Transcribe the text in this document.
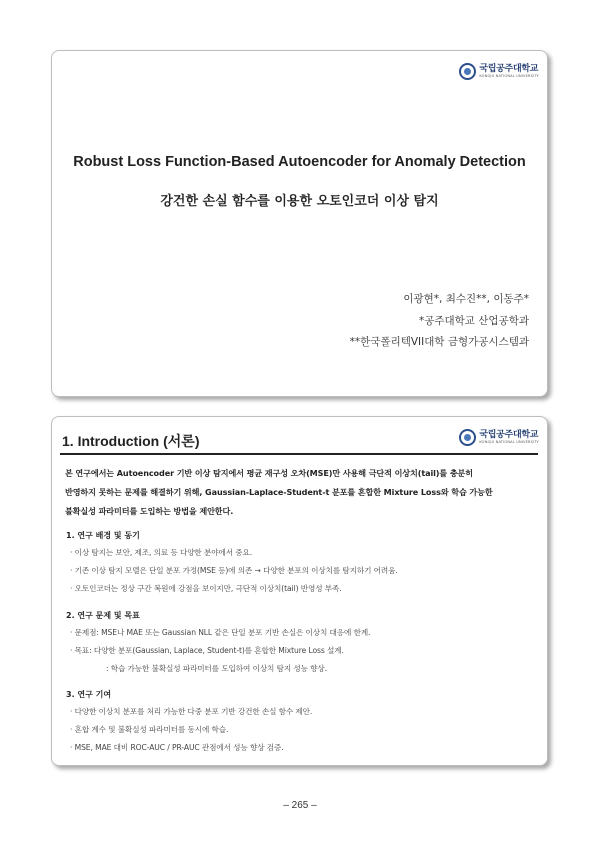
국립공주대학교
KONGJU NATIONAL UNIVERSITY
Robust Loss Function-Based Autoencoder for Anomaly Detection
강건한 손실 함수를 이용한 오토인코더 이상 탐지
이광현*, 최수진**, 이동주*
*공주대학교 산업공학과
**한국폴리텍VII대학 금형가공시스템과
1. Introduction (서론)	국립공주대학교
KONGJU NATIONAL UNIVERSITY
본 연구에서는 Autoencoder 기반 이상 탐지에서 평균 재구성 오차(MSE)만 사용해 극단적 이상치(tail)를 충분히
반영하지 못하는 문제를 해결하기 위해, Gaussian-Laplace-Student-t 분포를 혼합한 Mixture Loss와 학습 가능한
불확실성 파라미터를 도입하는 방법을 제안한다.
1. 연구 배경 및 동기
· 이상 탐지는 보안, 제조, 의료 등 다양한 분야에서 중요.
· 기존 이상 탐지 모델은 단일 분포 가정(MSE 등)에 의존 → 다양한 분포의 이상치를 탐지하기 어려움.
· 오토인코더는 정상 구간 복원에 강점을 보이지만, 극단적 이상치(tail) 반영성 부족.
2. 연구 문제 및 목표
· 문제점: MSE나 MAE 또는 Gaussian NLL 같은 단일 분포 기반 손실은 이상치 대응에 한계.
· 목표: 다양한 분포(Gaussian, Laplace, Student-t)를 혼합한 Mixture Loss 설계.
: 학습 가능한 불확실성 파라미터를 도입하여 이상치 탐지 성능 향상.
3. 연구 기여
· 다양한 이상치 분포를 처리 가능한 다중 분포 기반 강건한 손실 함수 제안.
· 혼합 계수 및 불확실성 파라미터를 동시에 학습.
· MSE, MAE 대비 ROC-AUC / PR-AUC 관점에서 성능 향상 검증.
– 265 –
